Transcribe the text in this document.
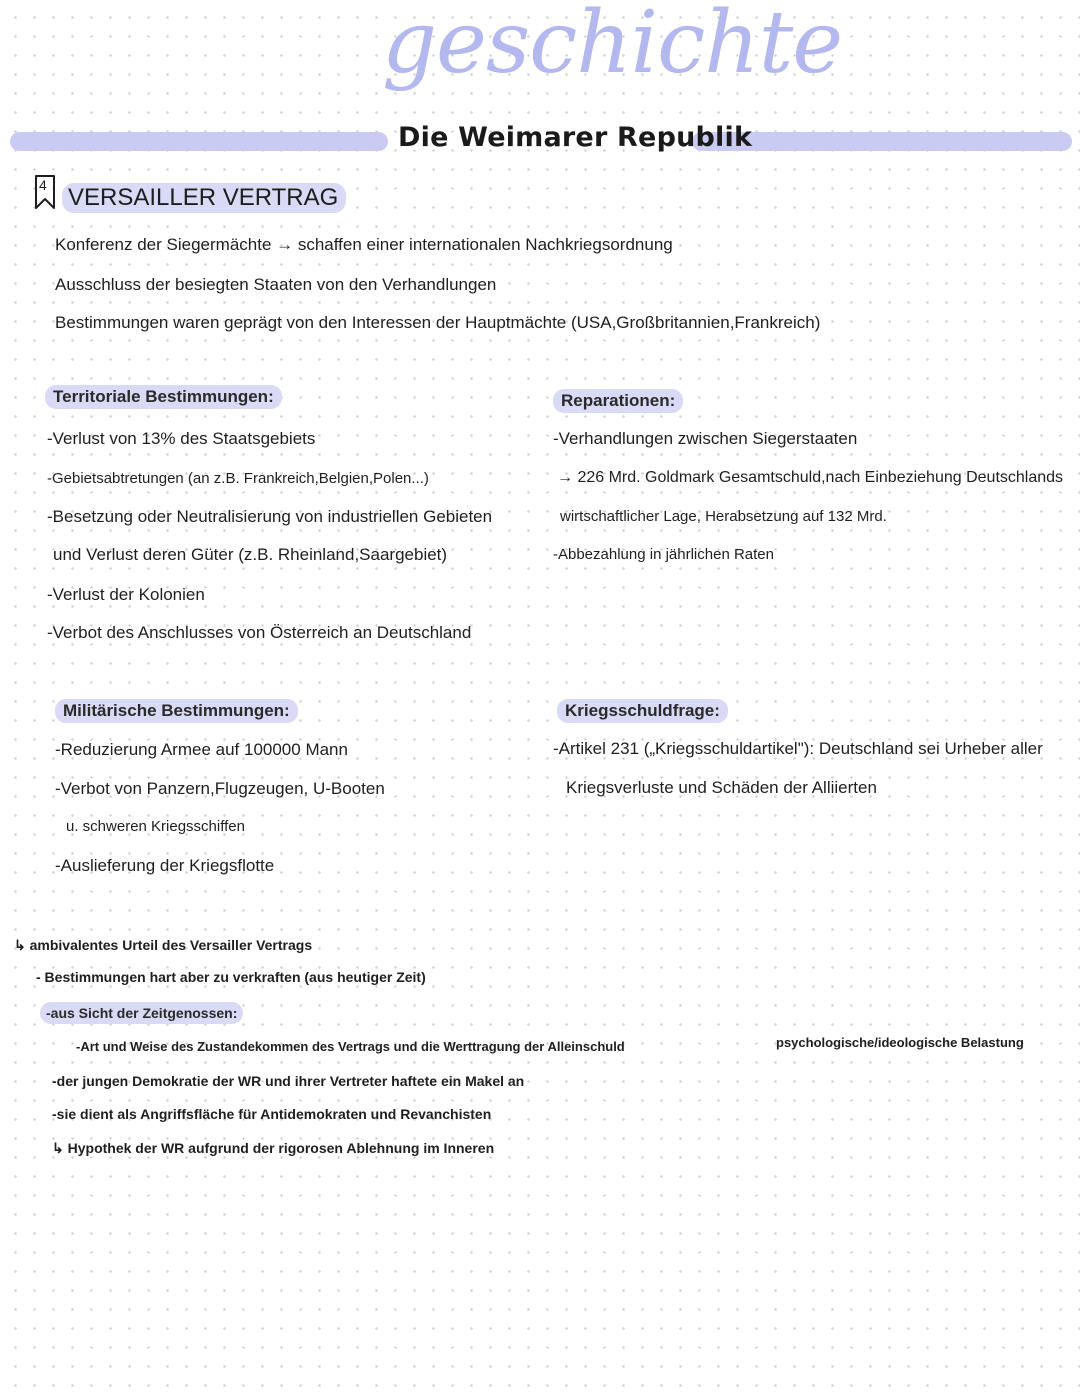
geschichte
Die Weimarer Republik
4 VERSAILLER VERTRAG
Konferenz der Siegermächte → schaffen einer internationalen Nachkriegsordnung
Ausschluss der besiegten Staaten von den Verhandlungen
Bestimmungen waren geprägt von den Interessen der Hauptmächte (USA,Großbritannien,Frankreich)
Territoriale Bestimmungen:
-Verlust von 13% des Staatsgebiets
-Gebietsabtretungen (an z.B. Frankreich,Belgien,Polen...)
-Besetzung oder Neutralisierung von industriellen Gebieten
und Verlust deren Güter (z.B. Rheinland,Saargebiet)
-Verlust der Kolonien
-Verbot des Anschlusses von Österreich an Deutschland
Reparationen:
-Verhandlungen zwischen Siegerstaaten
→ 226 Mrd. Goldmark Gesamtschuld,nach Einbeziehung Deutschlands
wirtschaftlicher Lage, Herabsetzung auf 132 Mrd.
-Abbezahlung in jährlichen Raten
Militärische Bestimmungen:
-Reduzierung Armee auf 100000 Mann
-Verbot von Panzern,Flugzeugen, U-Booten
u. schweren Kriegsschiffen
-Auslieferung der Kriegsflotte
Kriegsschuldfrage:
-Artikel 231 („Kriegsschuldartikel"): Deutschland sei Urheber aller
Kriegsverluste und Schäden der Alliierten
↳ ambivalentes Urteil des Versailler Vertrags
- Bestimmungen hart aber zu verkraften (aus heutiger Zeit)
-aus Sicht der Zeitgenossen:
-Art und Weise des Zustandekommen des Vertrags und die Werttragung der Alleinschuld	psychologische/ideologische Belastung
-der jungen Demokratie der WR und ihrer Vertreter haftete ein Makel an
-sie dient als Angriffsfläche für Antidemokraten und Revanchisten
↳ Hypothek der WR aufgrund der rigorosen Ablehnung im Inneren
